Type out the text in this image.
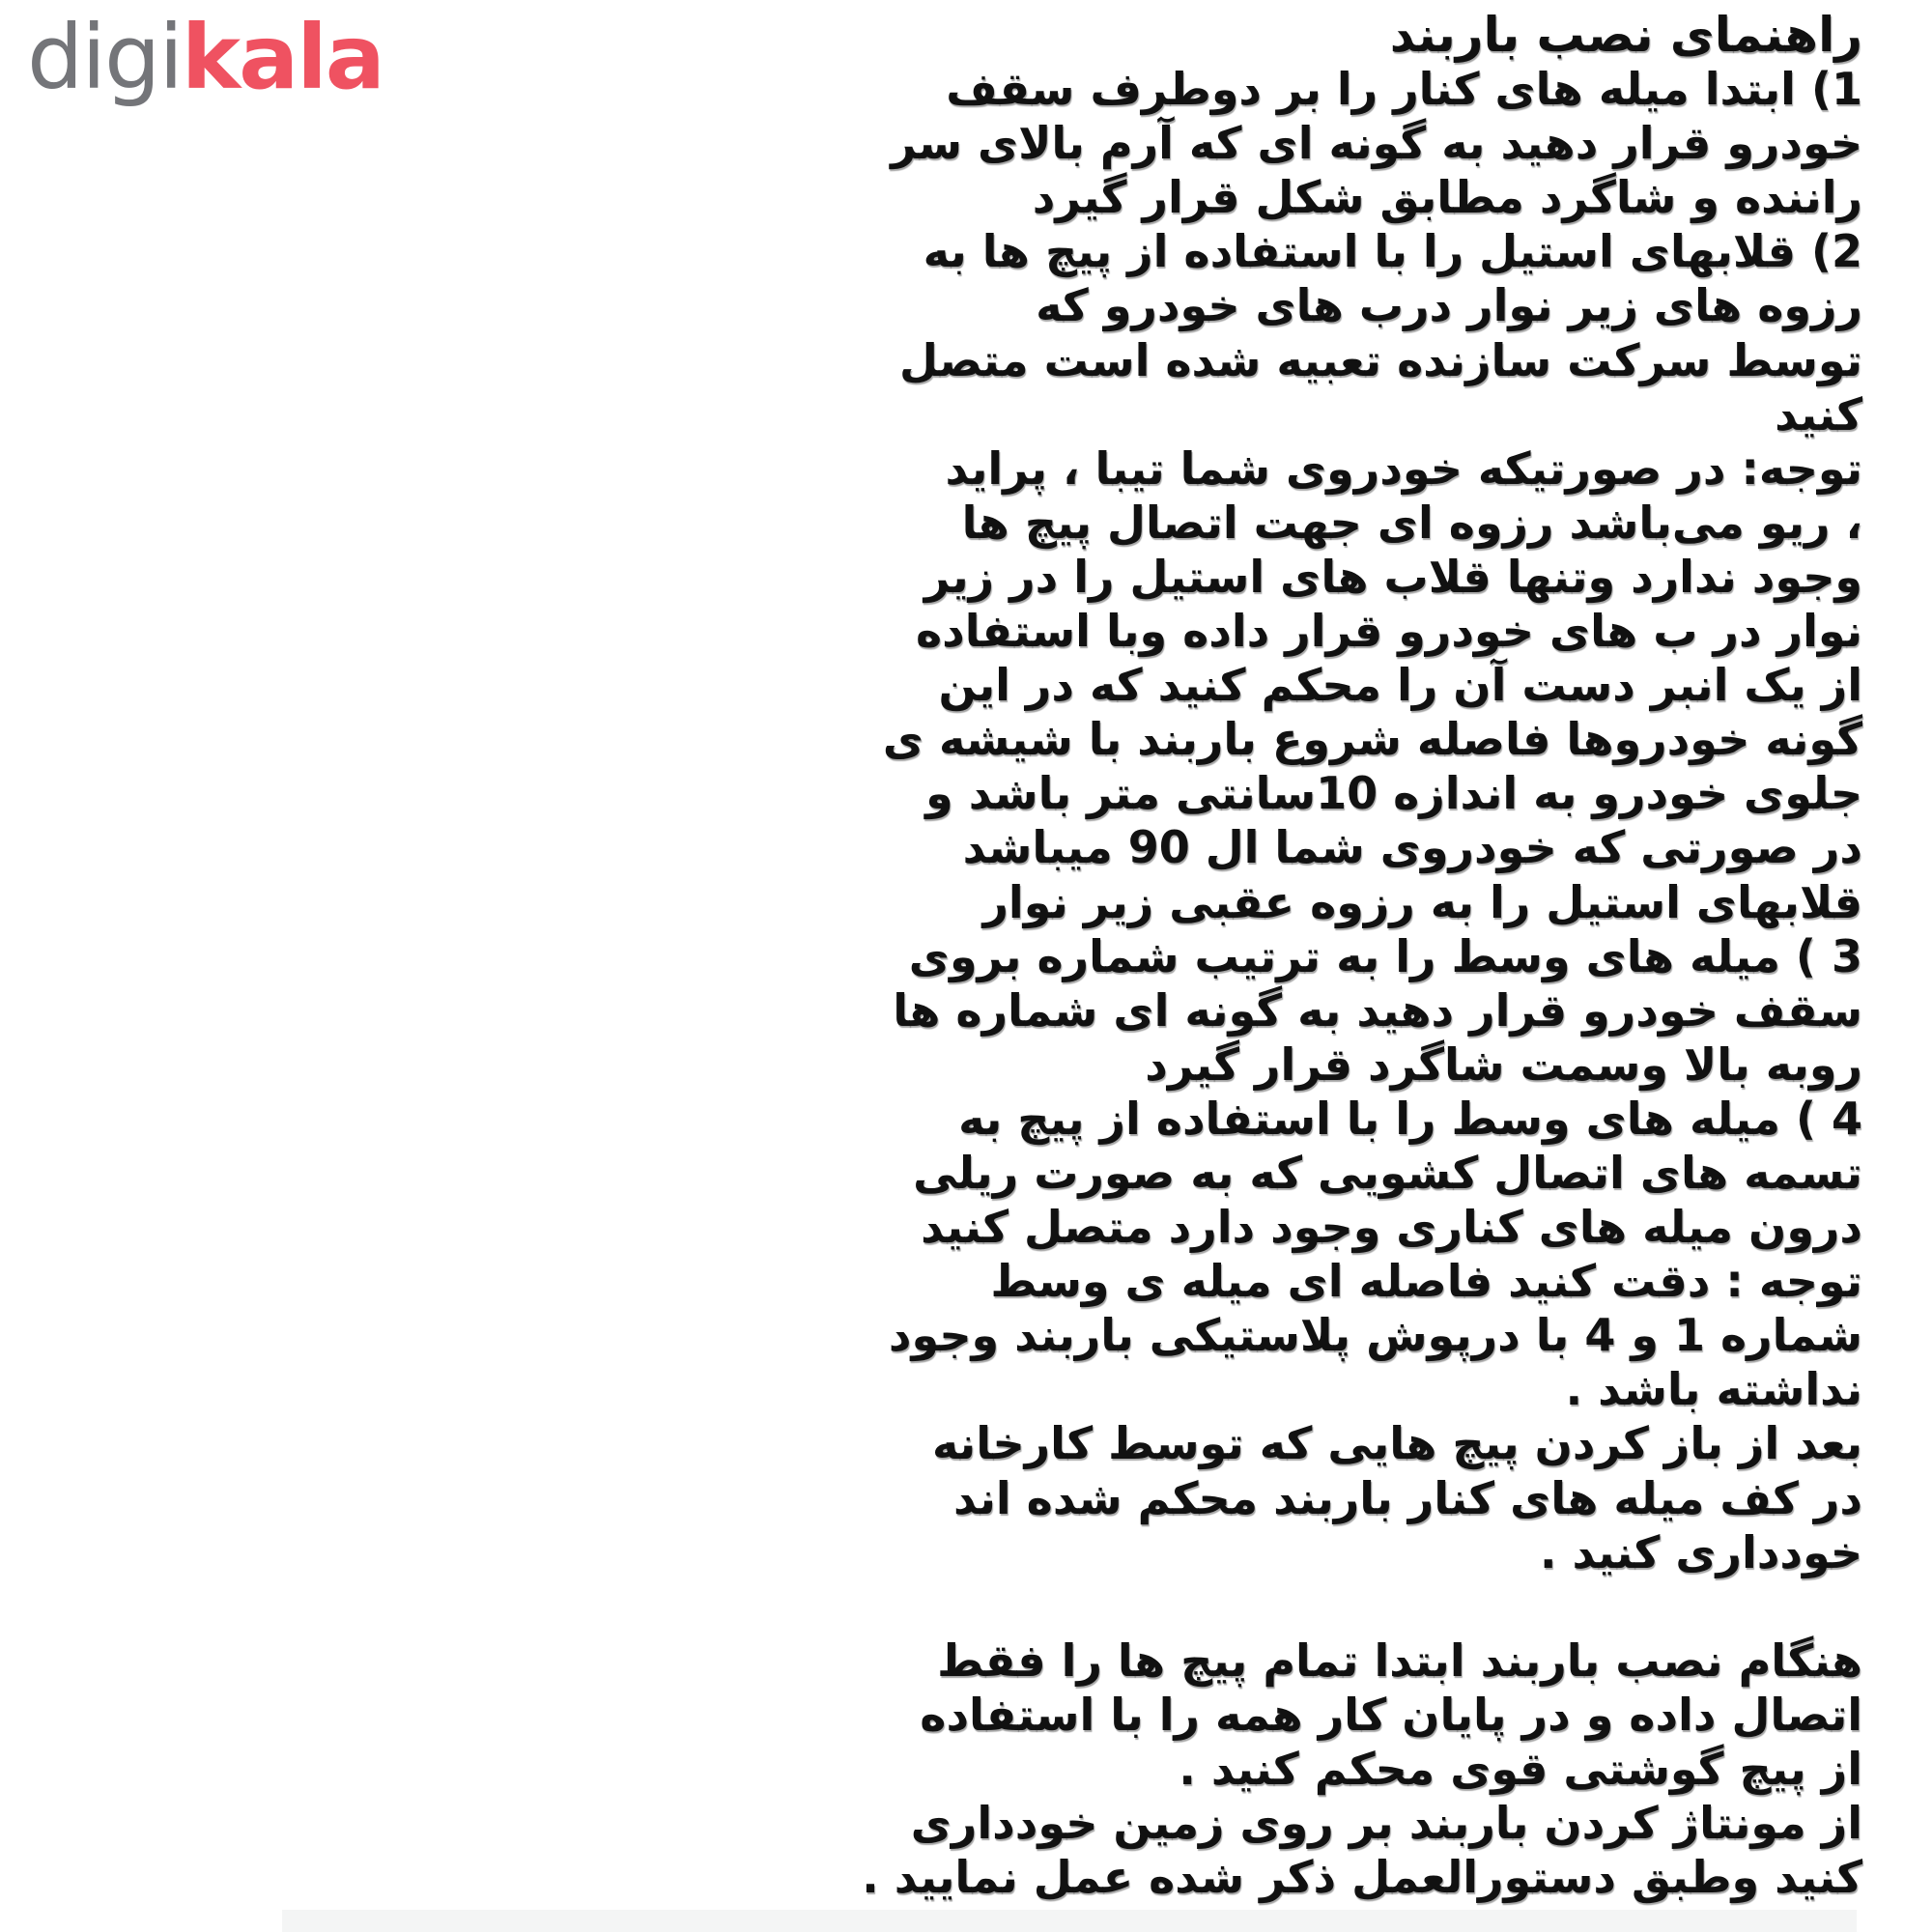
digikala	راهنمای نصب باربند
1) ابتدا میله های کنار را بر دوطرف سقف
خودرو قرار دهید به گونه ای که آرم بالای سر
راننده و شاگرد مطابق شکل قرار گیرد
2) قلابهای استیل را با استفاده از پیچ ها به
رزوه های زیر نوار درب های خودرو که
توسط سرکت سازنده تعبیه شده است متصل
کنید
توجه: در صورتیکه خودروی شما تیبا ، پراید
، ریو می‌باشد رزوه ای جهت اتصال پیچ ها
وجود ندارد وتنها قلاب های استیل را در زیر
نوار در ب های خودرو قرار داده وبا استفاده
از یک انبر دست آن را محکم کنید که در این
گونه خودروها فاصله شروع باربند با شیشه ی
جلوی خودرو به اندازه 10سانتی متر باشد و
در صورتی که خودروی شما ال 90 میباشد
قلابهای استیل را به رزوه عقبی زیر نوار
3 ) میله های وسط را به ترتیب شماره بروی
سقف خودرو قرار دهید به گونه ای شماره ها
روبه بالا وسمت شاگرد قرار گیرد
4 ) میله های وسط را با استفاده از پیچ به
تسمه های اتصال کشویی که به صورت ریلی
درون میله های کناری وجود دارد متصل کنید
توجه : دقت کنید فاصله ای میله ی وسط
شماره 1 و 4 با درپوش پلاستیکی باربند وجود
نداشته باشد .
بعد از باز کردن پیچ هایی که توسط کارخانه
در کف میله های کنار باربند محکم شده اند
خودداری کنید .
هنگام نصب باربند ابتدا تمام پیچ ها را فقط
اتصال داده و در پایان کار همه را با استفاده
از پیچ گوشتی قوی محکم کنید .
از مونتاژ کردن باربند بر روی زمین خودداری
کنید وطبق دستورالعمل ذکر شده عمل نمایید .
